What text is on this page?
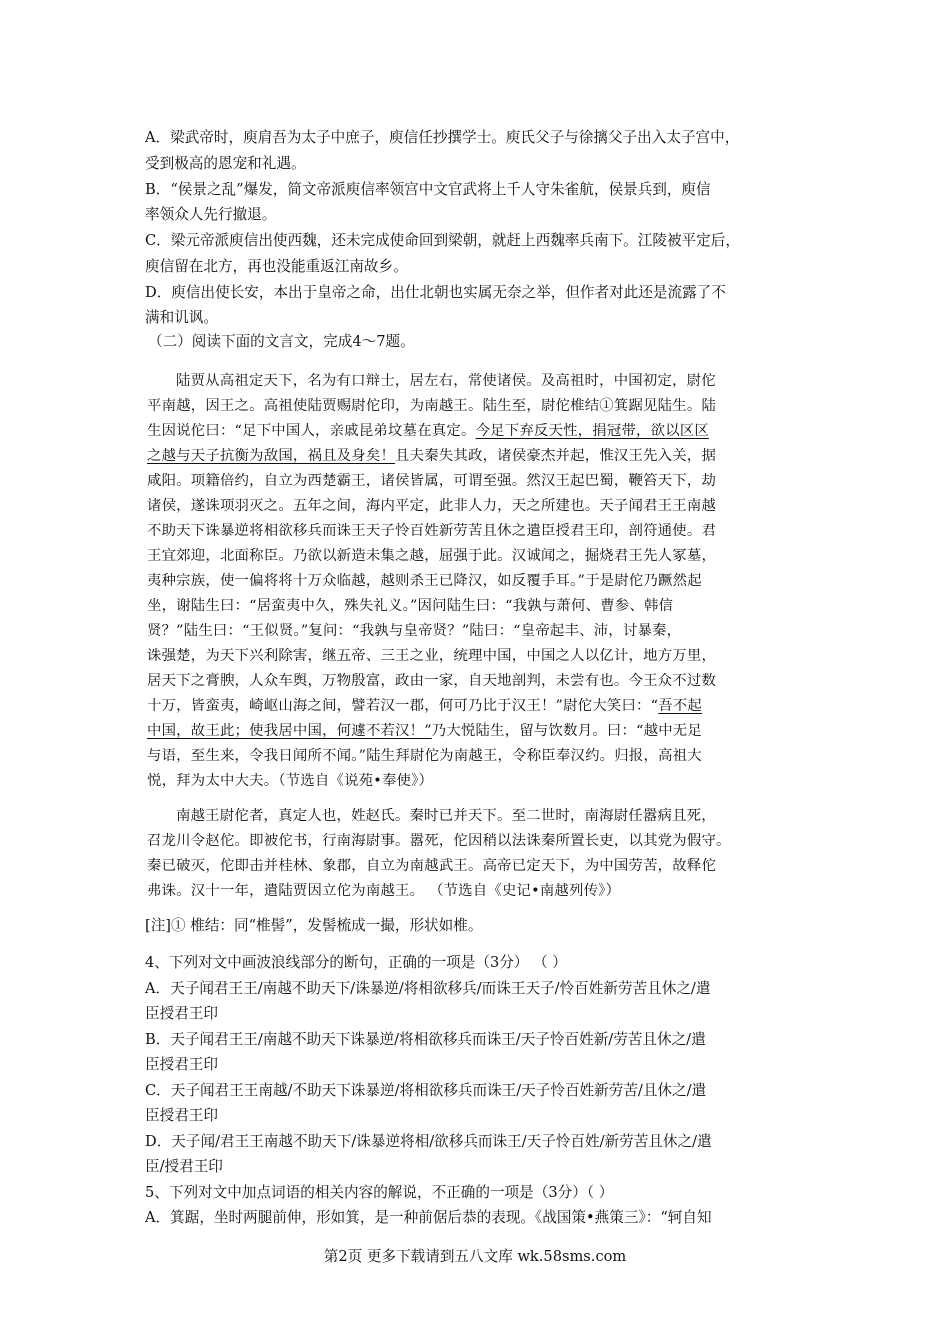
A．梁武帝时，庾肩吾为太子中庶子，庾信任抄撰学士。庾氏父子与徐摛父子出入太子宫中，
受到极高的恩宠和礼遇。
B．“侯景之乱”爆发，简文帝派庾信率领宫中文官武将上千人守朱雀航，侯景兵到，庾信
率领众人先行撤退。
C．梁元帝派庾信出使西魏，还未完成使命回到梁朝，就赶上西魏率兵南下。江陵被平定后，
庾信留在北方，再也没能重返江南故乡。
D．庾信出使长安，本出于皇帝之命，出仕北朝也实属无奈之举，但作者对此还是流露了不
满和讥讽。
（二）阅读下面的文言文，完成4～7题。
陆贾从高祖定天下，名为有口辩士，居左右，常使诸侯。及高祖时，中国初定，尉佗
平南越，因王之。高祖使陆贾赐尉佗印，为南越王。陆生至，尉佗椎结①箕踞见陆生。陆
生因说佗曰：“足下中国人，亲戚昆弟坟墓在真定。今足下弃反天性，捐冠带，欲以区区
之越与天子抗衡为敌国，祸且及身矣！且夫秦失其政，诸侯豪杰并起，惟汉王先入关，据
咸阳。项籍倍约，自立为西楚霸王，诸侯皆属，可谓至强。然汉王起巴蜀，鞭笞天下，劫
诸侯，遂诛项羽灭之。五年之间，海内平定，此非人力，天之所建也。天子闻君王王南越
不助天下诛暴逆将相欲移兵而诛王天子怜百姓新劳苦且休之遣臣授君王印，剖符通使。君
王宜郊迎，北面称臣。乃欲以新造未集之越，屈强于此。汉诚闻之，掘烧君王先人冢墓，
夷种宗族，使一偏将将十万众临越，越则杀王已降汉，如反覆手耳。”于是尉佗乃蹶然起
坐，谢陆生曰：“居蛮夷中久，殊失礼义。”因问陆生曰：“我孰与萧何、曹参、韩信
贤？”陆生曰：“王似贤。”复问：“我孰与皇帝贤？”陆曰：“皇帝起丰、沛，讨暴秦，
诛强楚，为天下兴利除害，继五帝、三王之业，统理中国，中国之人以亿计，地方万里，
居天下之膏腴，人众车舆，万物殷富，政由一家，自天地剖判，未尝有也。今王众不过数
十万，皆蛮夷，崎岖山海之间，譬若汉一郡，何可乃比于汉王！”尉佗大笑曰：“吾不起
中国，故王此；使我居中国，何遽不若汉！”乃大悦陆生，留与饮数月。曰：“越中无足
与语，至生来，令我日闻所不闻。”陆生拜尉佗为南越王，令称臣奉汉约。归报，高祖大
悦，拜为太中大夫。（节选自《说苑•奉使》）
南越王尉佗者，真定人也，姓赵氏。秦时已并天下。至二世时，南海尉任嚣病且死，
召龙川令赵佗。即被佗书，行南海尉事。嚣死，佗因稍以法诛秦所置长吏，以其党为假守。
秦已破灭，佗即击并桂林、象郡，自立为南越武王。高帝已定天下，为中国劳苦，故释佗
弗诛。汉十一年，遣陆贾因立佗为南越王。 （节选自《史记•南越列传》）
[注]① 椎结：同“椎髻”，发髻梳成一撮，形状如椎。
4、下列对文中画波浪线部分的断句，正确的一项是（3分） （ ）
A．天子闻君王王/南越不助天下/诛暴逆/将相欲移兵/而诛王天子/怜百姓新劳苦且休之/遣
臣授君王印
B．天子闻君王王/南越不助天下诛暴逆/将相欲移兵而诛王/天子怜百姓新/劳苦且休之/遣
臣授君王印
C．天子闻君王王南越/不助天下诛暴逆/将相欲移兵而诛王/天子怜百姓新劳苦/且休之/遣
臣授君王印
D．天子闻/君王王南越不助天下/诛暴逆将相/欲移兵而诛王/天子怜百姓/新劳苦且休之/遣
臣/授君王印
5、下列对文中加点词语的相关内容的解说，不正确的一项是（3分）（ ）
A．箕踞，坐时两腿前伸，形如箕，是一种前倨后恭的表现。《战国策•燕策三》：“轲自知
第2页 更多下载请到五八文库 wk.58sms.com
